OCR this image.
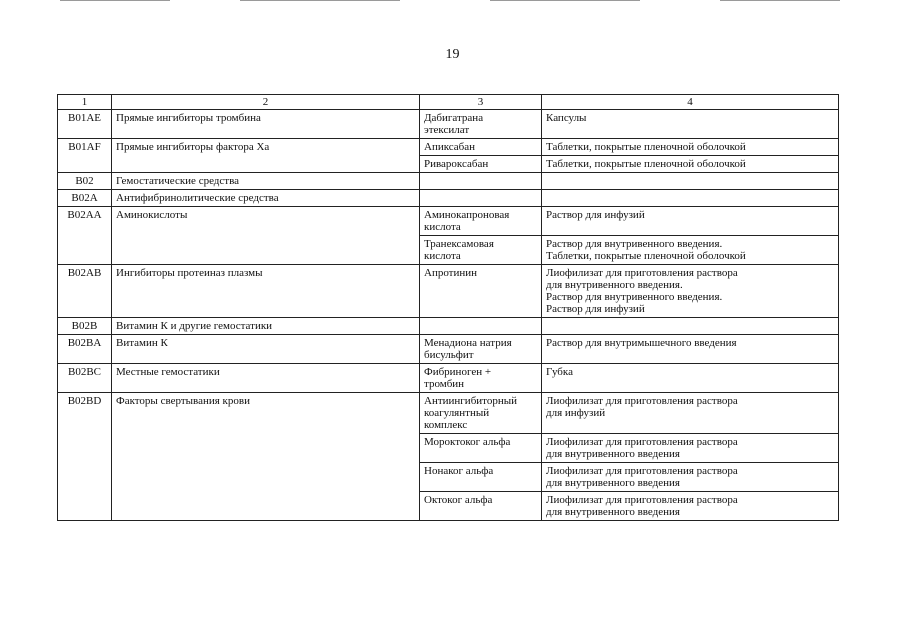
19
1	2	3	4
B01AE	Прямые ингибиторы тромбина	Дабигатрана
этексилат	Капсулы
B01AF	Прямые ингибиторы фактора Ха	Апиксабан	Таблетки, покрытые пленочной оболочкой
		Ривароксабан	Таблетки, покрытые пленочной оболочкой
B02	Гемостатические средства		
B02A	Антифибринолитические средства		
B02AA	Аминокислоты	Аминокапроновая
кислота	Раствор для инфузий
		Транексамовая
кислота	Раствор для внутривенного введения.
Таблетки, покрытые пленочной оболочкой
B02AB	Ингибиторы протеиназ плазмы	Апротинин	Лиофилизат для приготовления раствора
для внутривенного введения.
Раствор для внутривенного введения.
Раствор для инфузий
B02B	Витамин К и другие гемостатики		
B02BA	Витамин К	Менадиона натрия
бисульфит	Раствор для внутримышечного введения
B02BC	Местные гемостатики	Фибриноген +
тромбин	Губка
B02BD	Факторы свертывания крови	Антиингибиторный
коагулянтный
комплекс	Лиофилизат для приготовления раствора
для инфузий
		Мороктоког альфа	Лиофилизат для приготовления раствора
для внутривенного введения
		Нонаког альфа	Лиофилизат для приготовления раствора
для внутривенного введения
		Октоког альфа	Лиофилизат для приготовления раствора
для внутривенного введения
